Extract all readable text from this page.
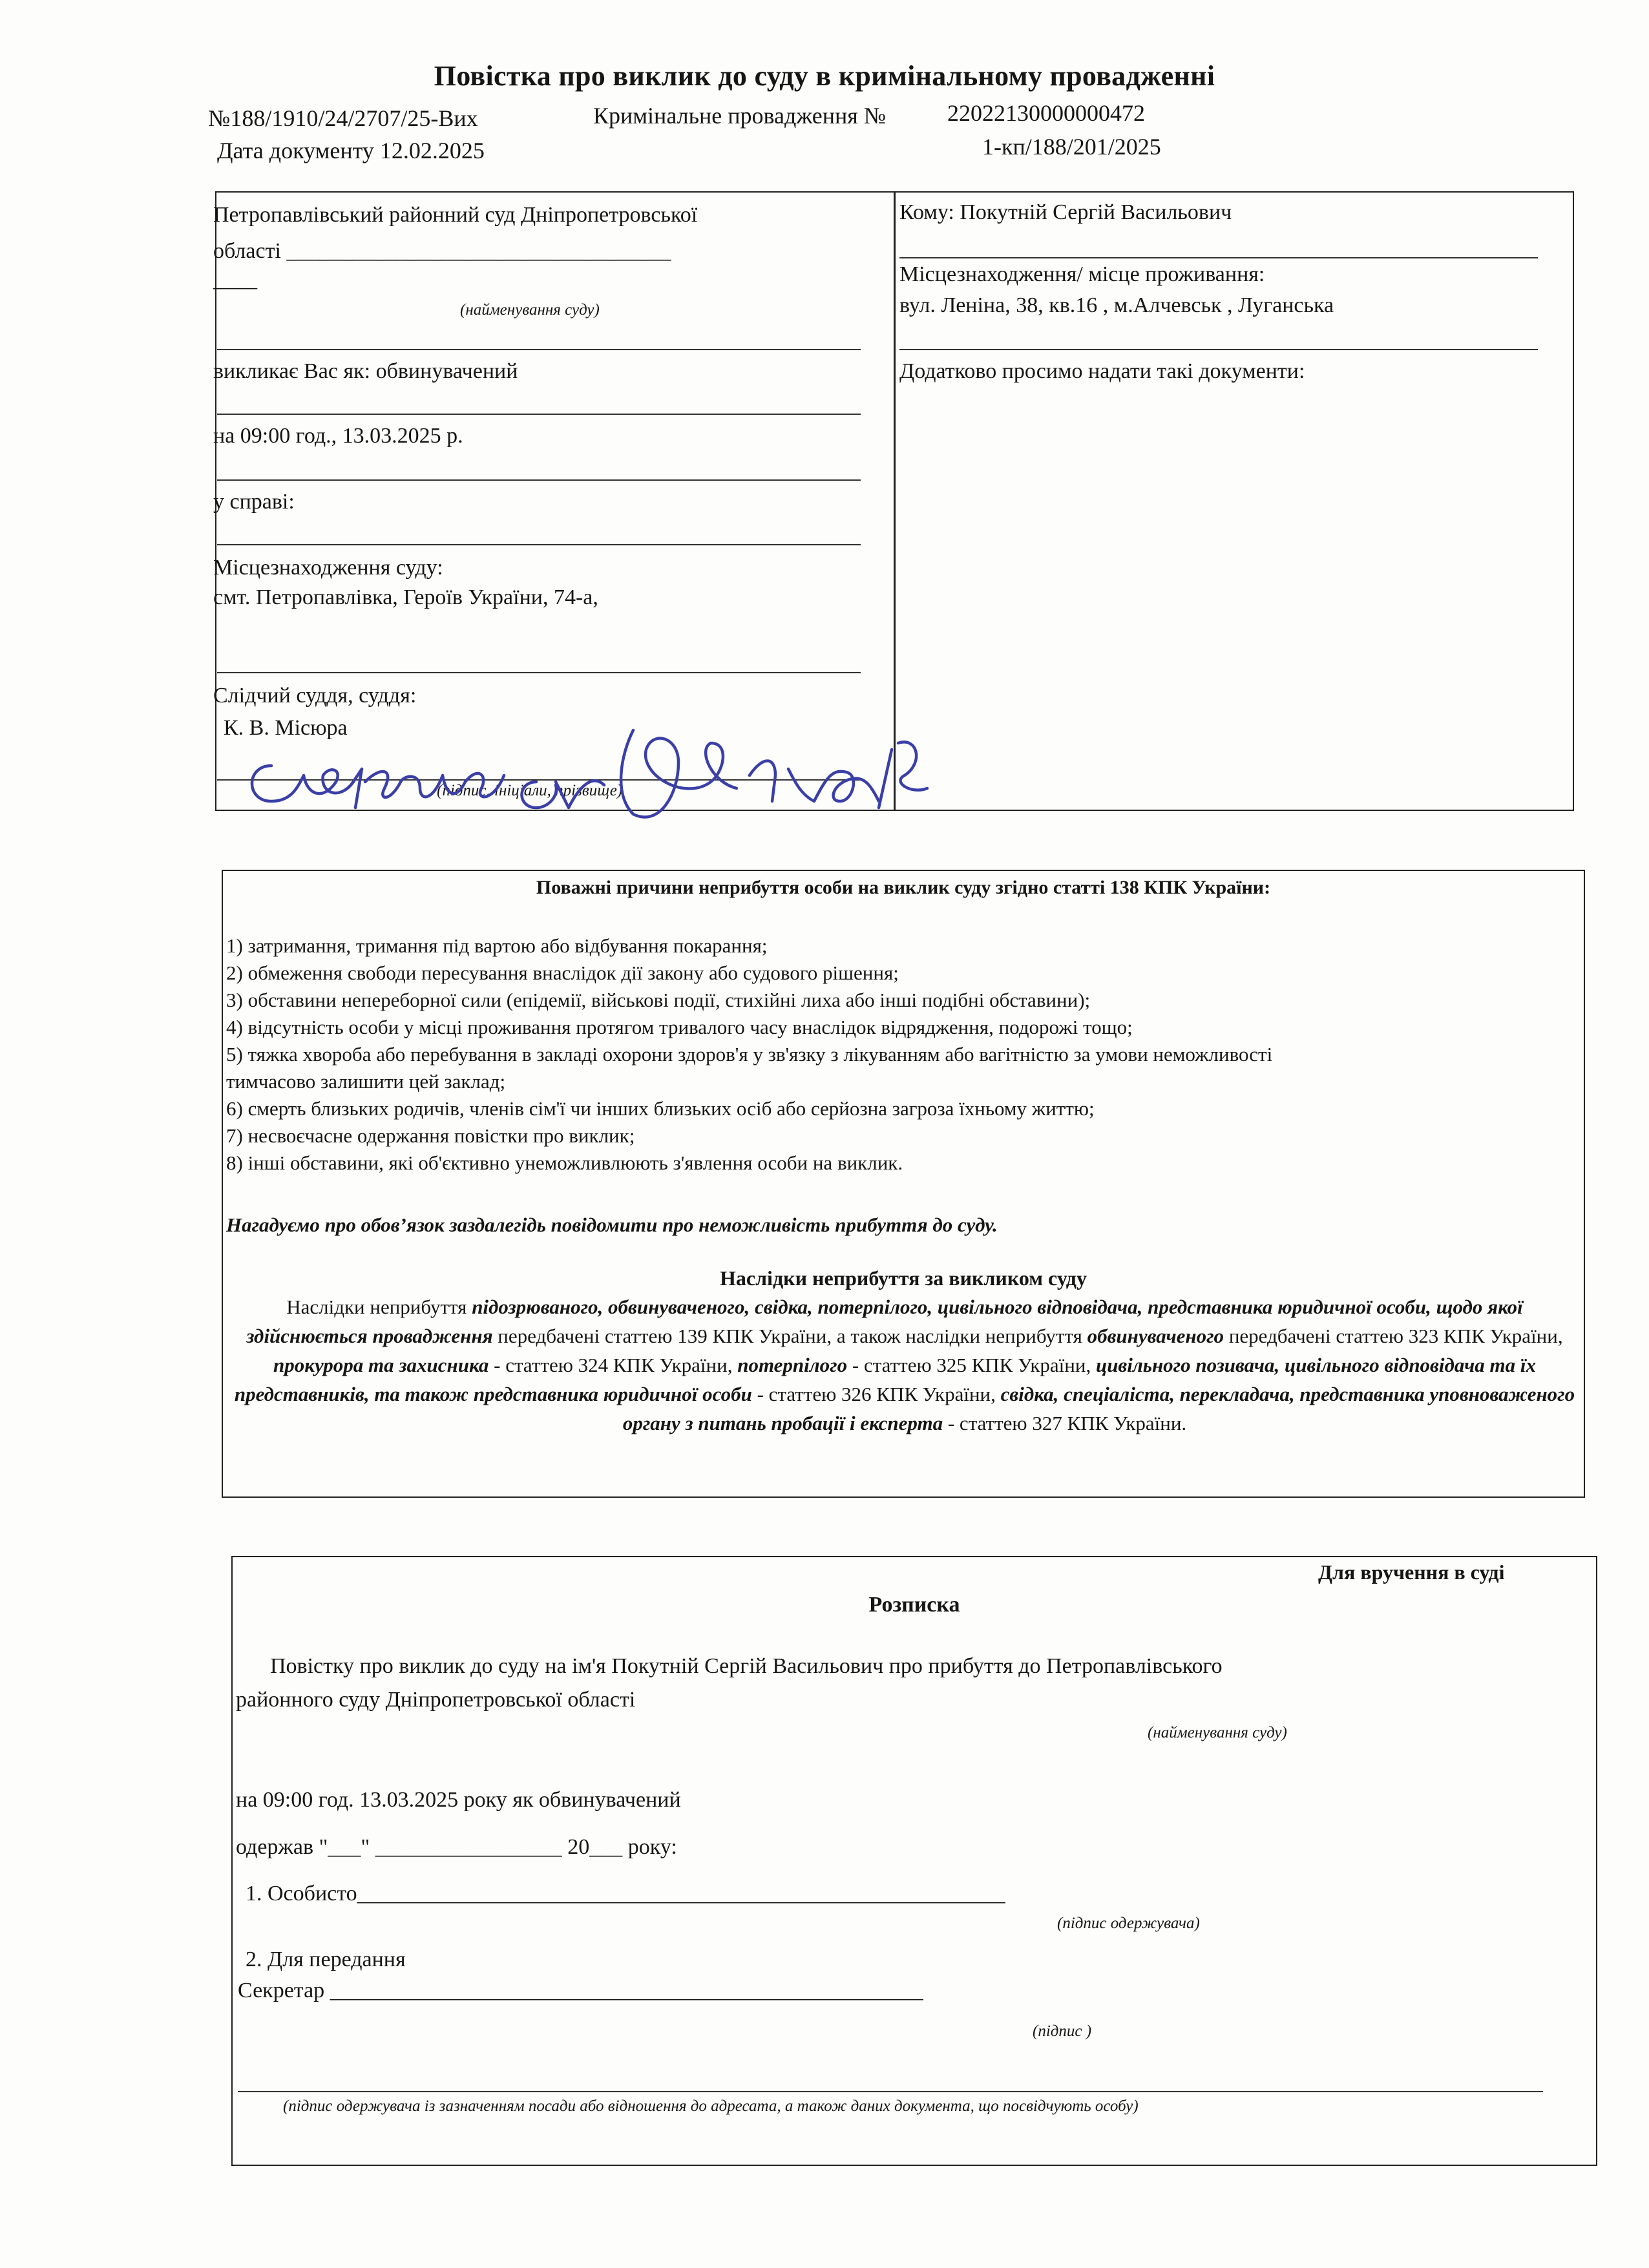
Повістка про виклик до суду в кримінальному провадженні
№188/1910/24/2707/25-Вих	Кримінальне провадження №	22022130000000472
Дата документу 12.02.2025	1-кп/188/201/2025
Петропавлівський районний суд Дніпропетровської
області ___________________________________
____
(найменування суду)
викликає Вас як: обвинувачений
на 09:00 год., 13.03.2025 р.
у справі:
Місцезнаходження суду:
смт. Петропавлівка, Героїв України, 74-а,
Слідчий суддя, суддя:
К. В. Місюра
(підпис, ініціали, прізвище)
Кому: Покутній Сергій Васильович
Місцезнаходження/ місце проживання:
вул. Леніна, 38, кв.16 , м.Алчевськ , Луганська
Додатково просимо надати такі документи:
Поважні причини неприбуття особи на виклик суду згідно статті 138 КПК України:
1) затримання, тримання під вартою або відбування покарання;
2) обмеження свободи пересування внаслідок дії закону або судового рішення;
3) обставини непереборної сили (епідемії, військові події, стихійні лиха або інші подібні обставини);
4) відсутність особи у місці проживання протягом тривалого часу внаслідок відрядження, подорожі тощо;
5) тяжка хвороба або перебування в закладі охорони здоров'я у зв'язку з лікуванням або вагітністю за умови неможливості
тимчасово залишити цей заклад;
6) смерть близьких родичів, членів сім'ї чи інших близьких осіб або серйозна загроза їхньому життю;
7) несвоєчасне одержання повістки про виклик;
8) інші обставини, які об'єктивно унеможливлюють з'явлення особи на виклик.
Нагадуємо про обов’язок заздалегідь повідомити про неможливість прибуття до суду.
Наслідки неприбуття за викликом суду
Наслідки неприбуття підозрюваного, обвинуваченого, свідка, потерпілого, цивільного відповідача, представника юридичної особи, щодо якої здійснюється провадження передбачені статтею 139 КПК України, а також наслідки неприбуття обвинуваченого передбачені статтею 323 КПК України, прокурора та захисника - статтею 324 КПК України, потерпілого - статтею 325 КПК України, цивільного позивача, цивільного відповідача та їх представників, та також представника юридичної особи - статтею 326 КПК України, свідка, спеціаліста, перекладача, представника уповноваженого органу з питань пробації і експерта - статтею 327 КПК України.
Для вручення в суді
Розписка
Повістку про виклик до суду на ім'я Покутній Сергій Васильович про прибуття до Петропавлівського
районного суду Дніпропетровської області
(найменування суду)
на 09:00 год. 13.03.2025 року як обвинувачений
одержав "___" _________________ 20___ року:
1. Особисто___________________________________________________________
(підпис одержувача)
2. Для передання
Секретар ______________________________________________________
(підпис )
(підпис одержувача із зазначенням посади або відношення до адресата, а також даних документа, що посвідчують особу)
